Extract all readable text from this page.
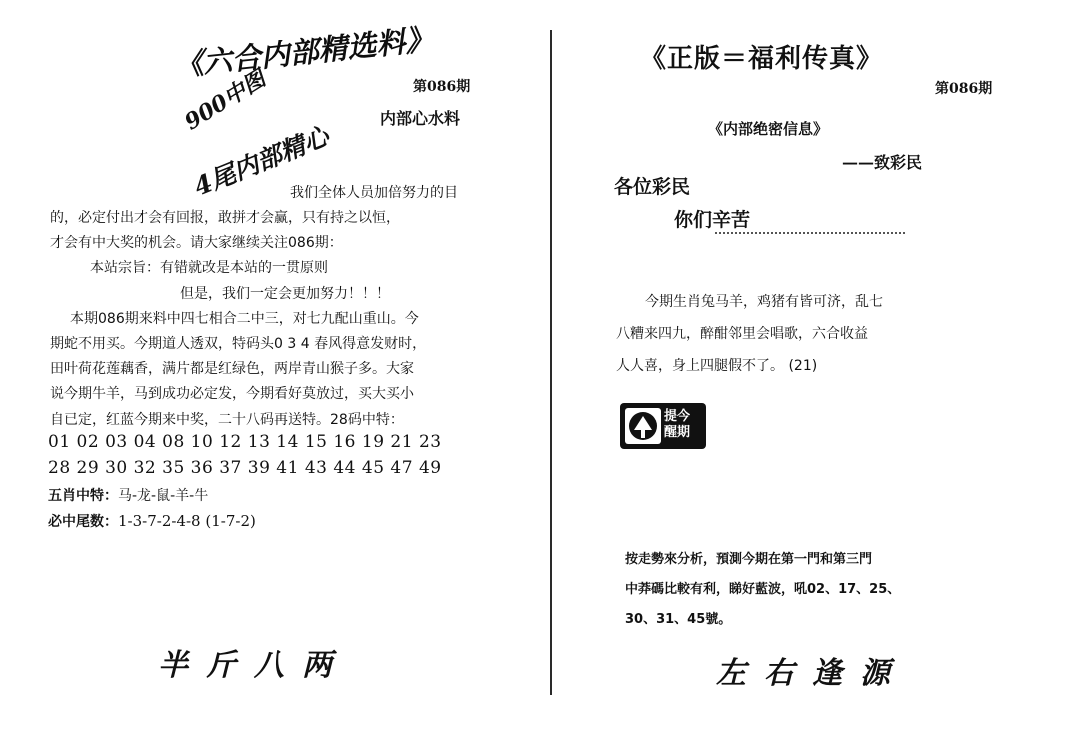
《六合内部精选料》
900中图
4尾内部精心
第086期
内部心水料
我们全体人员加倍努力的目
的，必定付出才会有回报，敢拼才会赢，只有持之以恒，
才会有中大奖的机会。请大家继续关注086期：
本站宗旨：有错就改是本站的一贯原则
但是，我们一定会更加努力！！！
本期086期来料中四七相合二中三，对七九配山重山。今
期蛇不用买。今期道人透双，特码头0 3 4 春风得意发财时，
田叶荷花莲藕香，满片都是红绿色，两岸青山猴子多。大家
说今期牛羊，马到成功必定发，今期看好莫放过，买大买小
自已定，红蓝今期来中奖，二十八码再送特。28码中特：
01 02 03 04 08 10 12 13 14 15 16 19 21 23
28 29 30 32 35 36 37 39 41 43 44 45 47 49
五肖中特：马-龙-鼠-羊-牛
必中尾数：1-3-7-2-4-8 (1-7-2)
半斤八两
《正版＝福利传真》
第086期
《内部绝密信息》
——致彩民
各位彩民
你们辛苦
今期生肖兔马羊，鸡猪有皆可济，乱七
八糟来四九，醉酣邻里会唱歌，六合收益
人人喜，身上四腿假不了。 (21)
提今醒期
按走勢來分析，預測今期在第一門和第三門
中莽碼比較有利，睇好藍波，吼02、17、25、
30、31、45號。
左右逢源
